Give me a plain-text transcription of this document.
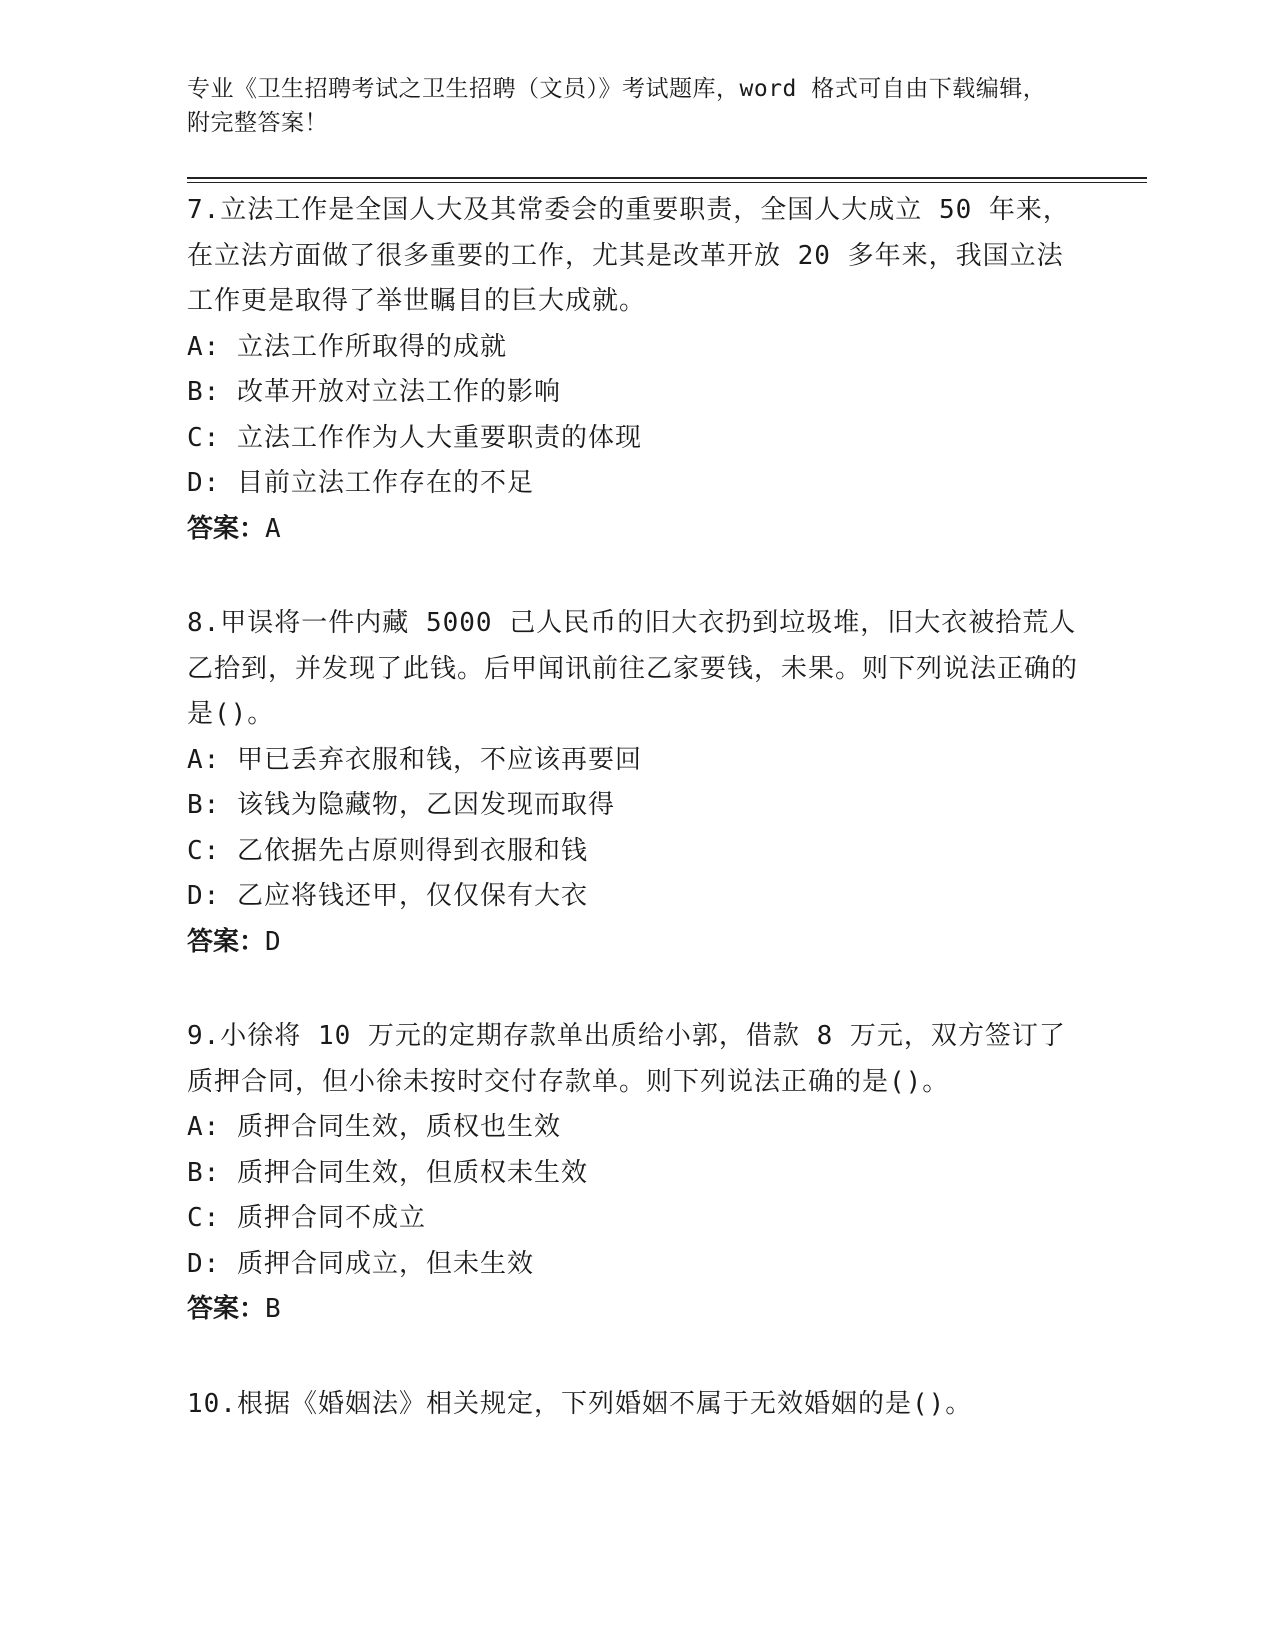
专业《卫生招聘考试之卫生招聘（文员）》考试题库，word 格式可自由下载编辑，附完整答案！

7.立法工作是全国人大及其常委会的重要职责，全国人大成立 50 年来，在立法方面做了很多重要的工作，尤其是改革开放 20 多年来，我国立法工作更是取得了举世瞩目的巨大成就。

A: 立法工作所取得的成就

B: 改革开放对立法工作的影响

C: 立法工作作为人大重要职责的体现

D: 目前立法工作存在的不足

答案：A

8.甲误将一件内藏 5000 己人民币的旧大衣扔到垃圾堆，旧大衣被拾荒人乙拾到，并发现了此钱。后甲闻讯前往乙家要钱，未果。则下列说法正确的是()。

A: 甲已丢弃衣服和钱，不应该再要回

B: 该钱为隐藏物，乙因发现而取得

C: 乙依据先占原则得到衣服和钱

D: 乙应将钱还甲，仅仅保有大衣

答案：D

9.小徐将 10 万元的定期存款单出质给小郭，借款 8 万元，双方签订了质押合同，但小徐未按时交付存款单。则下列说法正确的是()。

A: 质押合同生效，质权也生效

B: 质押合同生效，但质权未生效

C: 质押合同不成立

D: 质押合同成立，但未生效

答案：B

10.根据《婚姻法》相关规定，下列婚姻不属于无效婚姻的是()。
